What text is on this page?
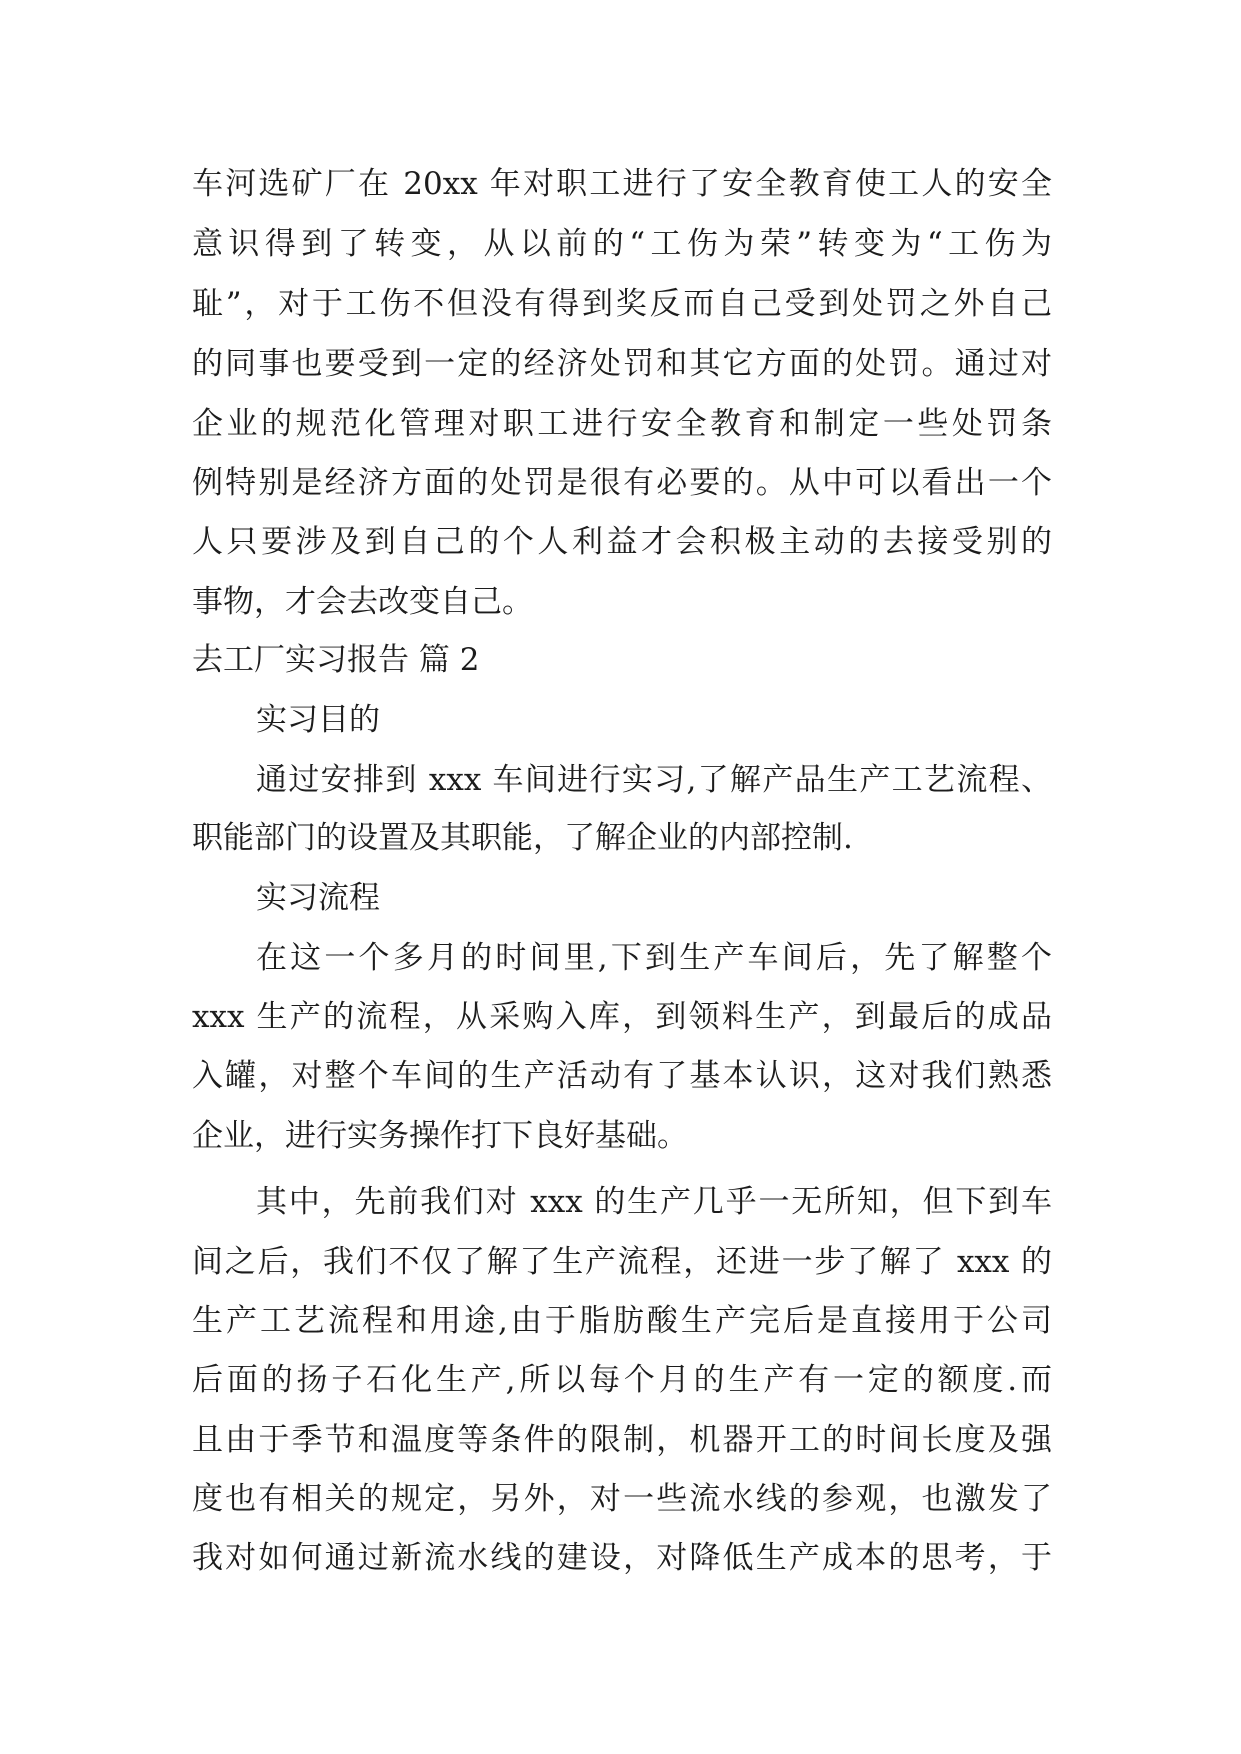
车河选矿厂在 20xx 年对职工进行了安全教育使工人的安全
意识得到了转变，从以前的“工伤为荣”转变为“工伤为
耻”，对于工伤不但没有得到奖反而自己受到处罚之外自己
的同事也要受到一定的经济处罚和其它方面的处罚。通过对
企业的规范化管理对职工进行安全教育和制定一些处罚条
例特别是经济方面的处罚是很有必要的。从中可以看出一个
人只要涉及到自己的个人利益才会积极主动的去接受别的
事物，才会去改变自己。
去工厂实习报告 篇 2
实习目的
通过安排到 xxx 车间进行实习,了解产品生产工艺流程、
职能部门的设置及其职能，了解企业的内部控制.
实习流程
在这一个多月的时间里,下到生产车间后，先了解整个
xxx 生产的流程，从采购入库，到领料生产，到最后的成品
入罐，对整个车间的生产活动有了基本认识，这对我们熟悉
企业，进行实务操作打下良好基础。
其中，先前我们对 xxx 的生产几乎一无所知，但下到车
间之后，我们不仅了解了生产流程，还进一步了解了 xxx 的
生产工艺流程和用途,由于脂肪酸生产完后是直接用于公司
后面的扬子石化生产,所以每个月的生产有一定的额度.而
且由于季节和温度等条件的限制，机器开工的时间长度及强
度也有相关的规定，另外，对一些流水线的参观，也激发了
我对如何通过新流水线的建设，对降低生产成本的思考，于
